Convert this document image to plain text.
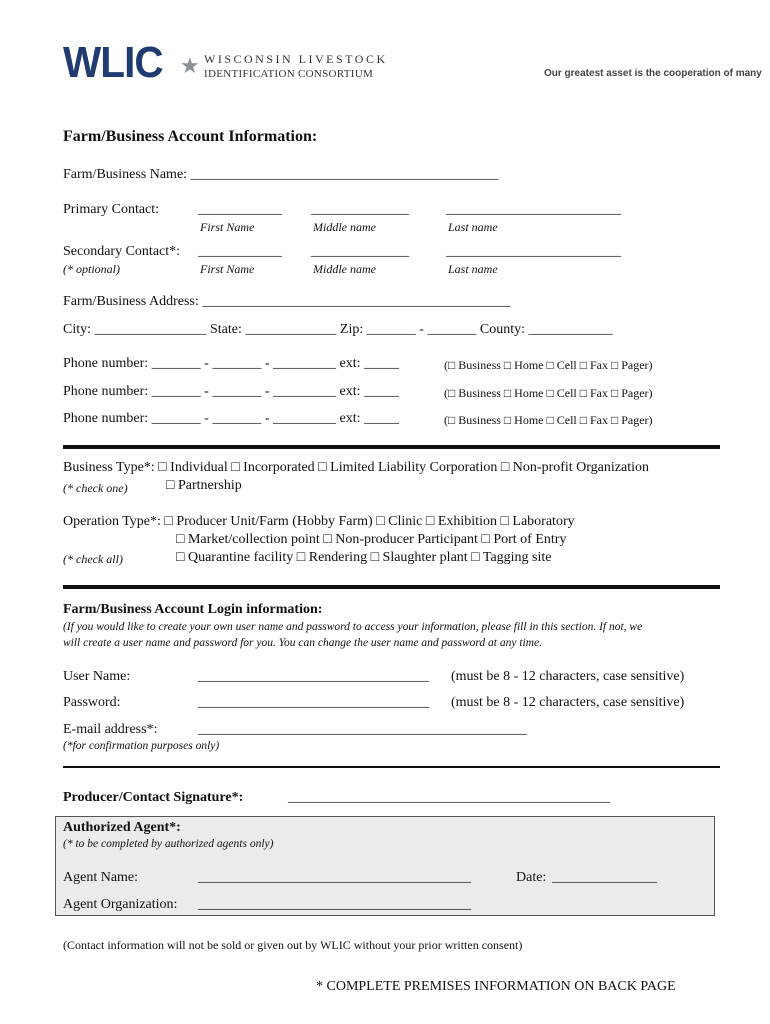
WLIC ★ WISCONSIN LIVESTOCK
IDENTIFICATION CONSORTIUM	Our greatest asset is the cooperation of many
Farm/Business Account Information:
Farm/Business Name: ____________________________________________
Primary Contact:	____________ ______________	_________________________
First Name	Middle name	Last name
Secondary Contact*: ____________ ______________	_________________________
(* optional)	First Name	Middle name	Last name
Farm/Business Address: ____________________________________________
City: ________________ State: _____________ Zip: _______ - _______ County: ____________
Phone number: _______ - _______ - _________ ext: _____	(□ Business □ Home □ Cell □ Fax □ Pager)
Phone number: _______ - _______ - _________ ext: _____	(□ Business □ Home □ Cell □ Fax □ Pager)
Phone number: _______ - _______ - _________ ext: _____	(□ Business □ Home □ Cell □ Fax □ Pager)
Business Type*: □ Individual □ Incorporated □ Limited Liability Corporation □ Non-profit Organization
(* check one)	□ Partnership
Operation Type*: □ Producer Unit/Farm (Hobby Farm) □ Clinic □ Exhibition □ Laboratory
□ Market/collection point □ Non-producer Participant □ Port of Entry
(* check all)	□ Quarantine facility □ Rendering □ Slaughter plant □ Tagging site
Farm/Business Account Login information:
(If you would like to create your own user name and password to access your information, please fill in this section. If not, we
will create a user name and password for you. You can change the user name and password at any time.
User Name:	_________________________________ (must be 8 - 12 characters, case sensitive)
Password:	_________________________________ (must be 8 - 12 characters, case sensitive)
E-mail address*:	_______________________________________________
(*for confirmation purposes only)
Producer/Contact Signature*:	______________________________________________
Authorized Agent*:
(* to be completed by authorized agents only)
Agent Name:	_______________________________________	Date: _______________
Agent Organization: _______________________________________
(Contact information will not be sold or given out by WLIC without your prior written consent)
* COMPLETE PREMISES INFORMATION ON BACK PAGE
